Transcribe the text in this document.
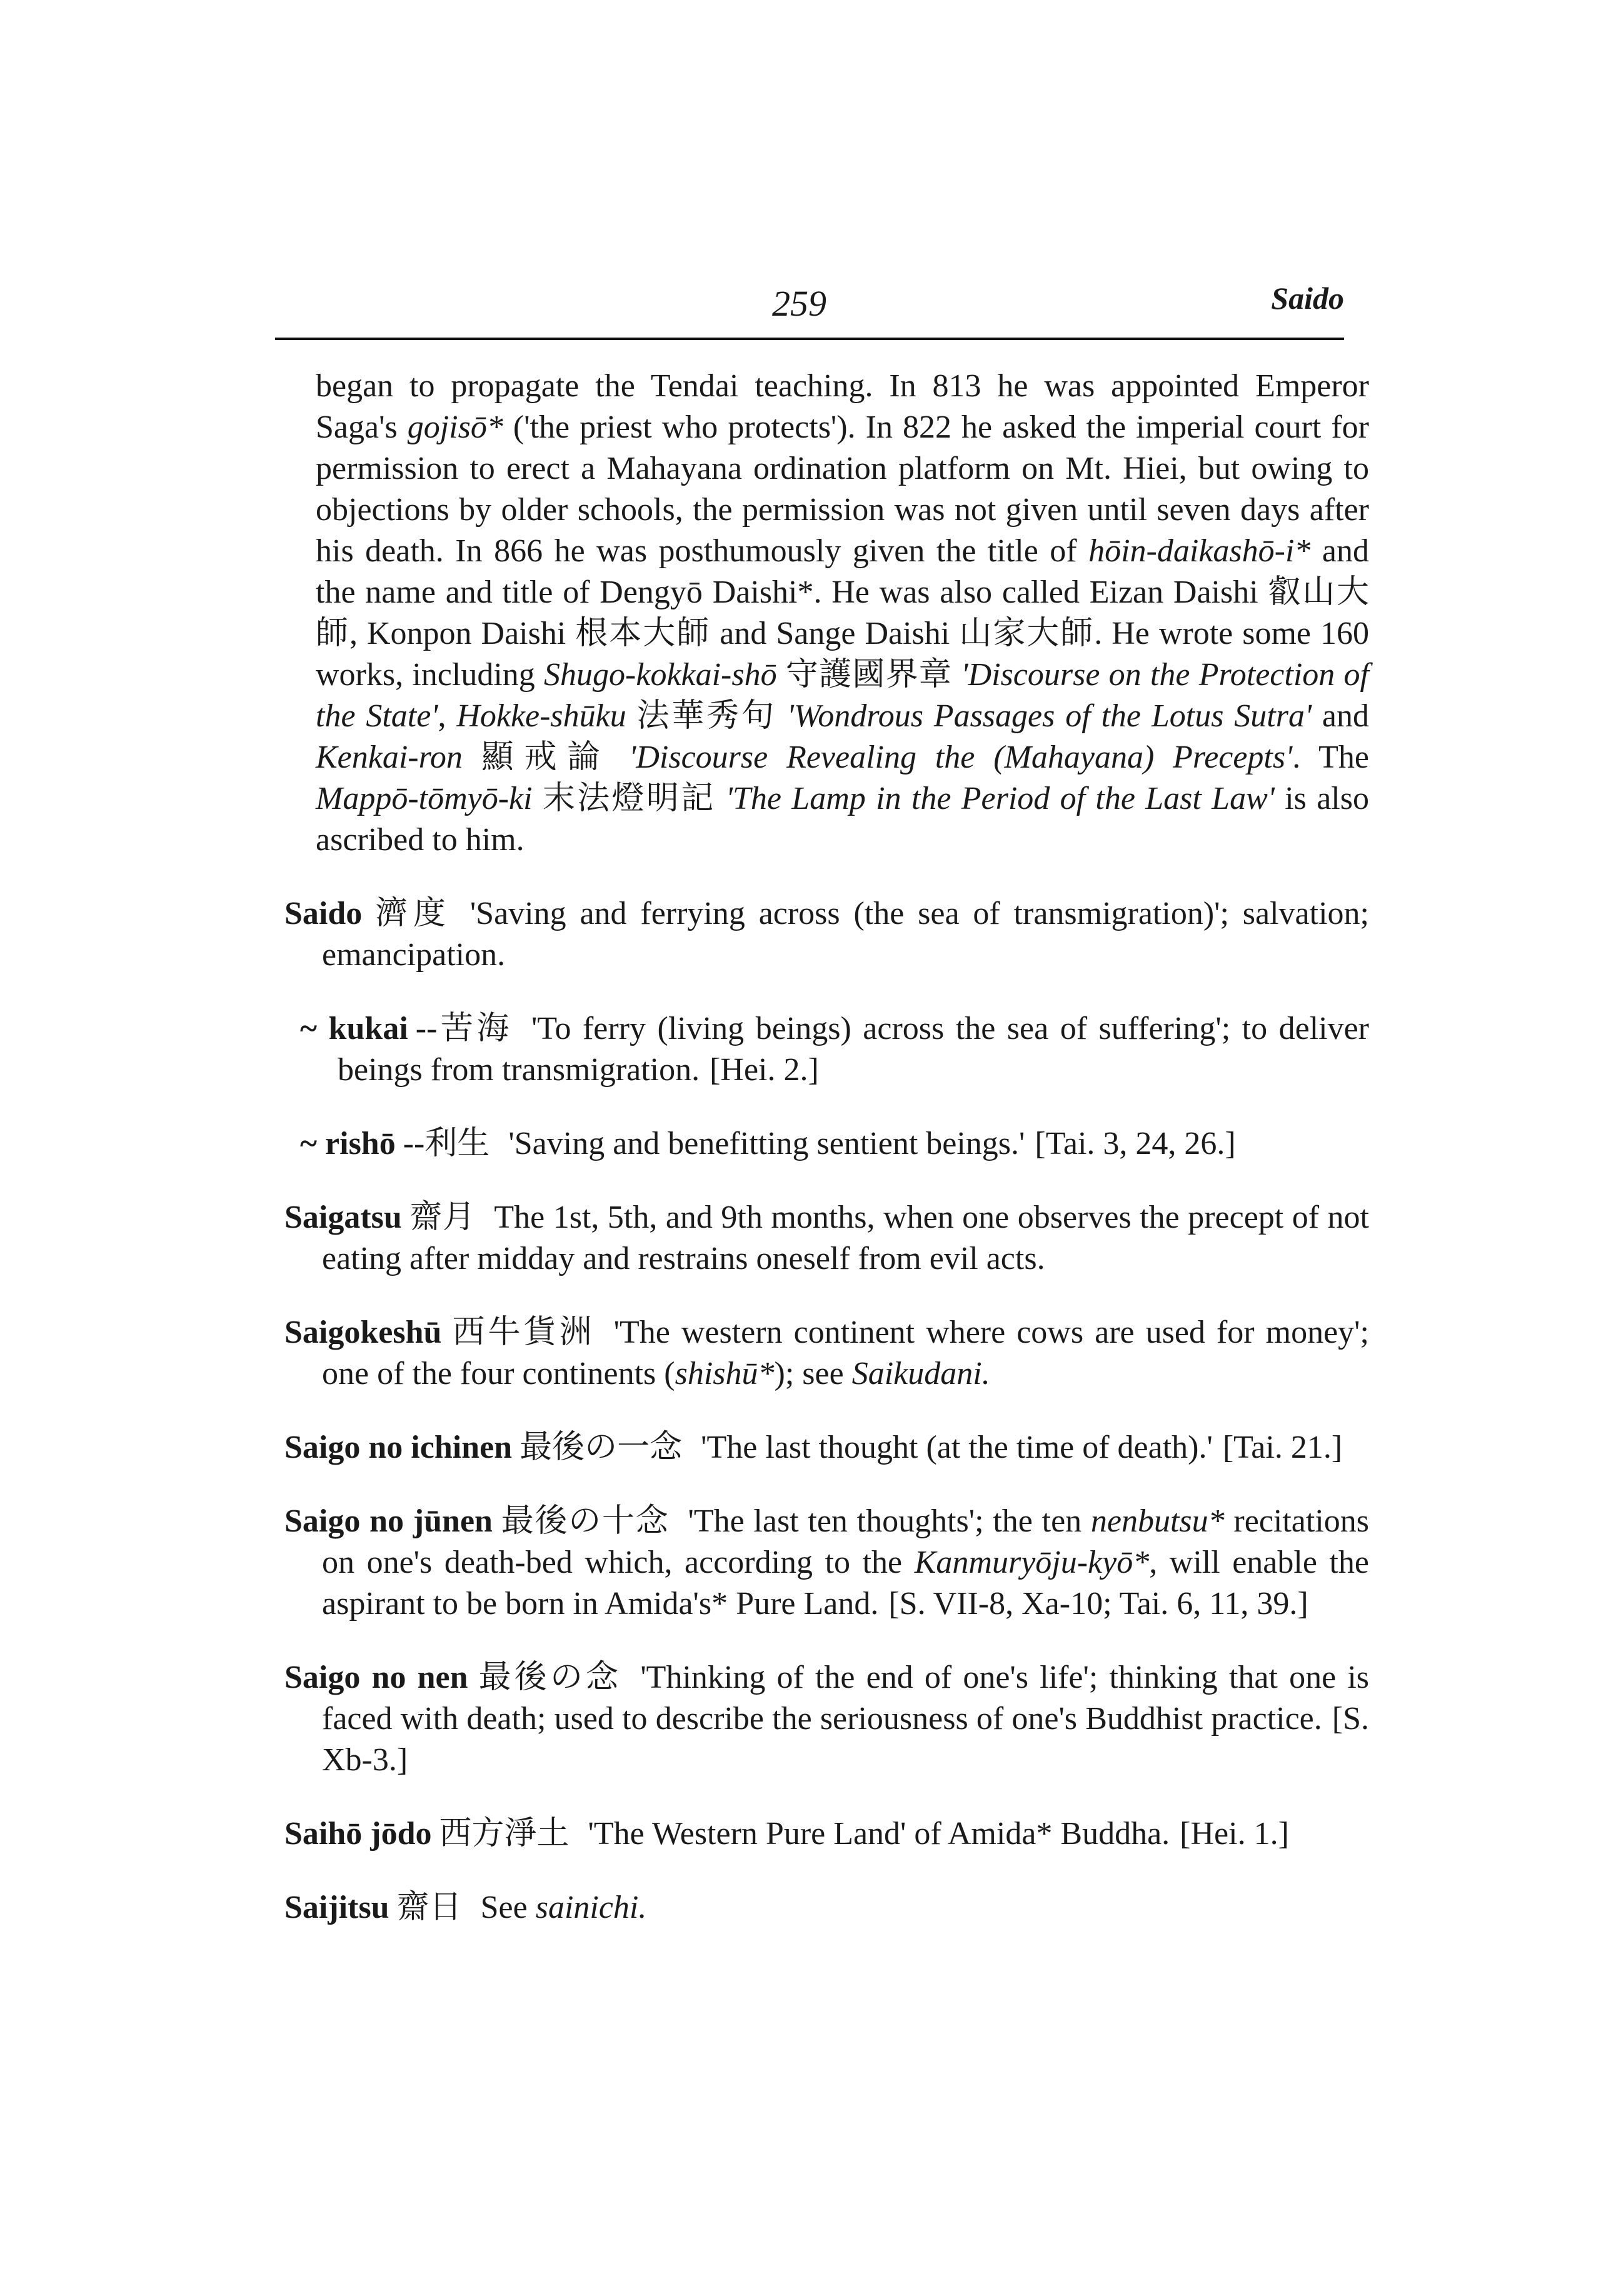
259	Saido

began to propagate the Tendai teaching. In 813 he was appointed Emperor Saga's gojisō* ('the priest who protects'). In 822 he asked the imperial court for permission to erect a Mahayana ordination platform on Mt. Hiei, but owing to objections by older schools, the permission was not given until seven days after his death. In 866 he was posthumously given the title of hōin-daikashō-i* and the name and title of Dengyō Daishi*. He was also called Eizan Daishi 叡山大師, Konpon Daishi 根本大師 and Sange Daishi 山家大師. He wrote some 160 works, including Shugo-kokkai-shō 守護國界章 'Discourse on the Protection of the State', Hokke-shūku 法華秀句 'Wondrous Passages of the Lotus Sutra' and Kenkai-ron 顯戒論 'Discourse Revealing the (Mahayana) Precepts'. The Mappō-tōmyō-ki 末法燈明記 'The Lamp in the Period of the Last Law' is also ascribed to him.

Saido 濟度 'Saving and ferrying across (the sea of transmigration)'; salvation; emancipation.

~ kukai --苦海 'To ferry (living beings) across the sea of suffering'; to deliver beings from transmigration. [Hei. 2.]

~ rishō --利生 'Saving and benefitting sentient beings.' [Tai. 3, 24, 26.]

Saigatsu 齋月 The 1st, 5th, and 9th months, when one observes the precept of not eating after midday and restrains oneself from evil acts.

Saigokeshū 西牛貨洲 'The western continent where cows are used for money'; one of the four continents (shishū*); see Saikudani.

Saigo no ichinen 最後の一念 'The last thought (at the time of death).' [Tai. 21.]

Saigo no jūnen 最後の十念 'The last ten thoughts'; the ten nenbutsu* recitations on one's death-bed which, according to the Kanmuryōju-kyō*, will enable the aspirant to be born in Amida's* Pure Land. [S. VII-8, Xa-10; Tai. 6, 11, 39.]

Saigo no nen 最後の念 'Thinking of the end of one's life'; thinking that one is faced with death; used to describe the seriousness of one's Buddhist practice. [S. Xb-3.]

Saihō jōdo 西方淨土 'The Western Pure Land' of Amida* Buddha. [Hei. 1.]

Saijitsu 齋日 See sainichi.
